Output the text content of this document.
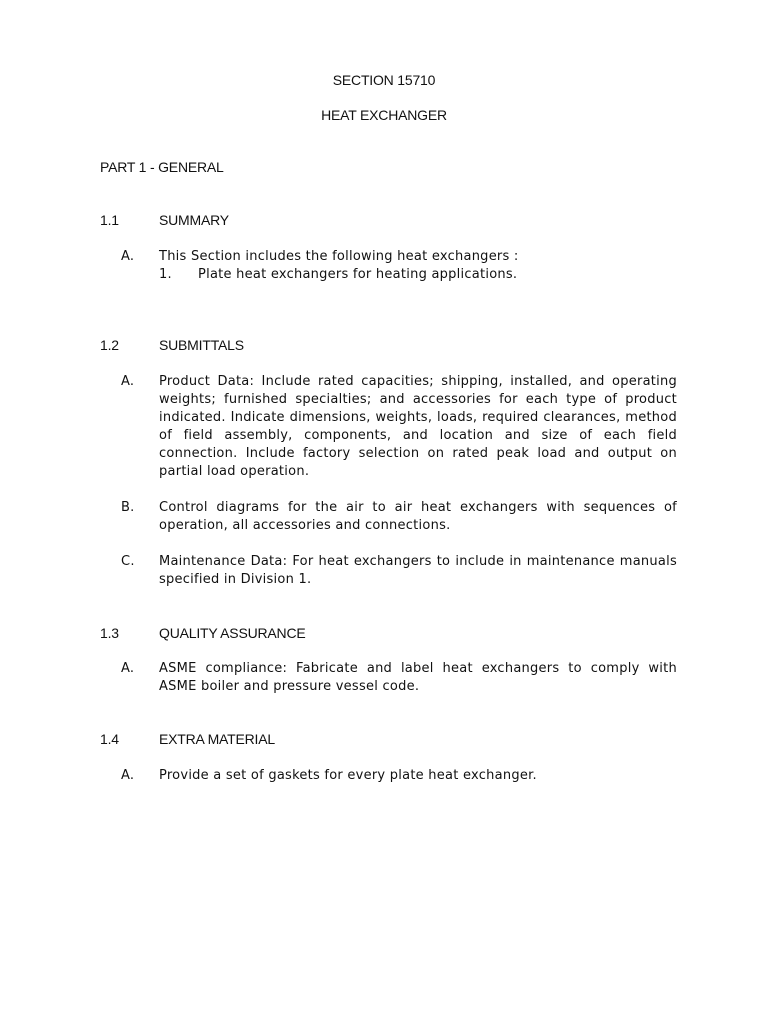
SECTION 15710
HEAT EXCHANGER
PART 1 - GENERAL
1.1	SUMMARY
A. This Section includes the following heat exchangers :
1. Plate heat exchangers for heating applications.
1.2	SUBMITTALS
A. Product Data: Include rated capacities; shipping, installed, and operating weights; furnished specialties; and accessories for each type of product indicated. Indicate dimensions, weights, loads, required clearances, method of field assembly, components, and location and size of each field connection. Include factory selection on rated peak load and output on partial load operation.
B. Control diagrams for the air to air heat exchangers with sequences of operation, all accessories and connections.
C. Maintenance Data: For heat exchangers to include in maintenance manuals specified in Division 1.
1.3	QUALITY ASSURANCE
A. ASME compliance: Fabricate and label heat exchangers to comply with ASME boiler and pressure vessel code.
1.4	EXTRA MATERIAL
A. Provide a set of gaskets for every plate heat exchanger.
